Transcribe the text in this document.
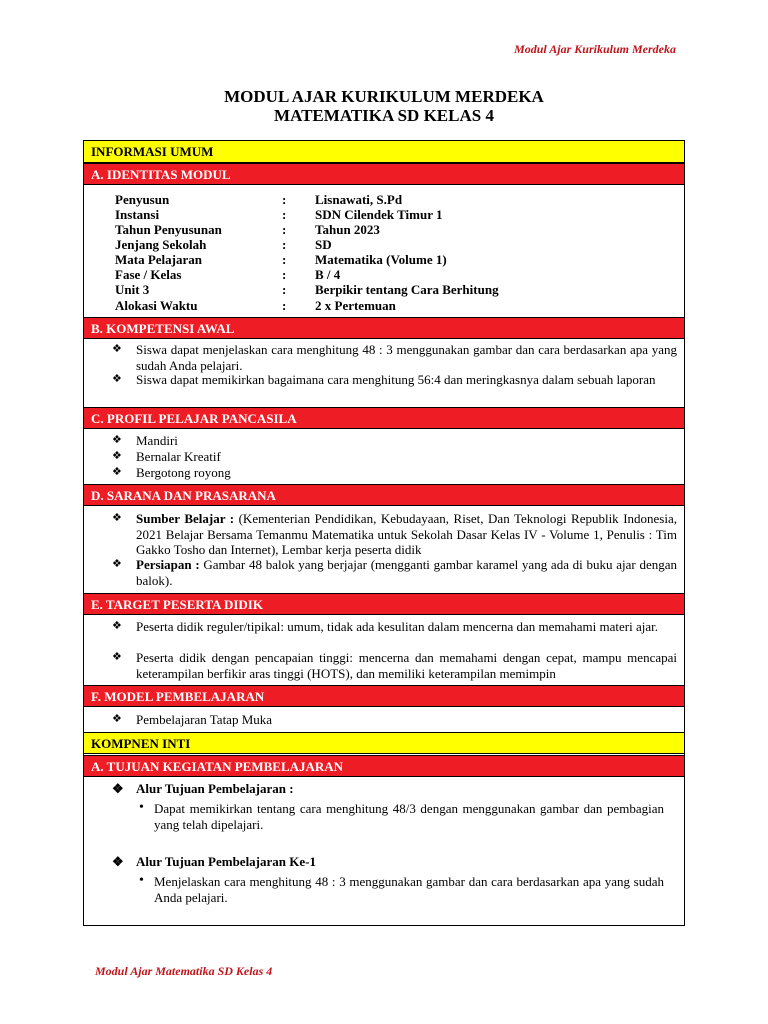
Modul Ajar Kurikulum Merdeka
MODUL AJAR KURIKULUM MERDEKA
MATEMATIKA SD KELAS 4
INFORMASI UMUM
A. IDENTITAS MODUL
Penyusun	: Lisnawati, S.Pd
Instansi	: SDN Cilendek Timur 1
Tahun Penyusunan	: Tahun 2023
Jenjang Sekolah	: SD
Mata Pelajaran	: Matematika (Volume 1)
Fase / Kelas	: B / 4
Unit 3	: Berpikir tentang Cara Berhitung
Alokasi Waktu	: 2 x Pertemuan
B. KOMPETENSI AWAL
❖ Siswa dapat menjelaskan cara menghitung 48 : 3 menggunakan gambar dan cara berdasarkan apa yang sudah Anda pelajari.
❖ Siswa dapat memikirkan bagaimana cara menghitung 56:4 dan meringkasnya dalam sebuah laporan
C. PROFIL PELAJAR PANCASILA
❖ Mandiri
❖ Bernalar Kreatif
❖ Bergotong royong
D. SARANA DAN PRASARANA
❖ Sumber Belajar : (Kementerian Pendidikan, Kebudayaan, Riset, Dan Teknologi Republik Indonesia, 2021 Belajar Bersama Temanmu Matematika untuk Sekolah Dasar Kelas IV - Volume 1, Penulis : Tim Gakko Tosho dan Internet), Lembar kerja peserta didik
❖ Persiapan : Gambar 48 balok yang berjajar (mengganti gambar karamel yang ada di buku ajar dengan balok).
E. TARGET PESERTA DIDIK
❖ Peserta didik reguler/tipikal: umum, tidak ada kesulitan dalam mencerna dan memahami materi ajar.
❖ Peserta didik dengan pencapaian tinggi: mencerna dan memahami dengan cepat, mampu mencapai keterampilan berfikir aras tinggi (HOTS), dan memiliki keterampilan memimpin
F. MODEL PEMBELAJARAN
❖ Pembelajaran Tatap Muka
KOMPNEN INTI
A. TUJUAN KEGIATAN PEMBELAJARAN
❖ Alur Tujuan Pembelajaran :
• Dapat memikirkan tentang cara menghitung 48/3 dengan menggunakan gambar dan pembagian yang telah dipelajari.
❖ Alur Tujuan Pembelajaran Ke-1
• Menjelaskan cara menghitung 48 : 3 menggunakan gambar dan cara berdasarkan apa yang sudah Anda pelajari.
Modul Ajar Matematika SD Kelas 4
